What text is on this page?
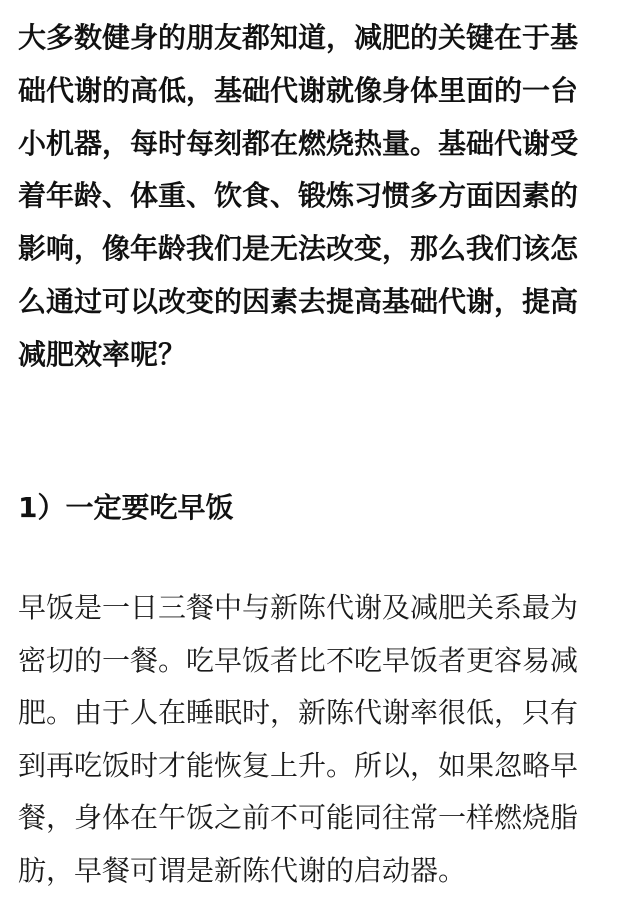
大多数健身的朋友都知道，减肥的关键在于基
础代谢的高低，基础代谢就像身体里面的一台
小机器，每时每刻都在燃烧热量。基础代谢受
着年龄、体重、饮食、锻炼习惯多方面因素的
影响，像年龄我们是无法改变，那么我们该怎
么通过可以改变的因素去提高基础代谢，提高
减肥效率呢？

1）一定要吃早饭

早饭是一日三餐中与新陈代谢及减肥关系最为
密切的一餐。吃早饭者比不吃早饭者更容易减
肥。由于人在睡眠时，新陈代谢率很低，只有
到再吃饭时才能恢复上升。所以，如果忽略早
餐，身体在午饭之前不可能同往常一样燃烧脂
肪，早餐可谓是新陈代谢的启动器。
